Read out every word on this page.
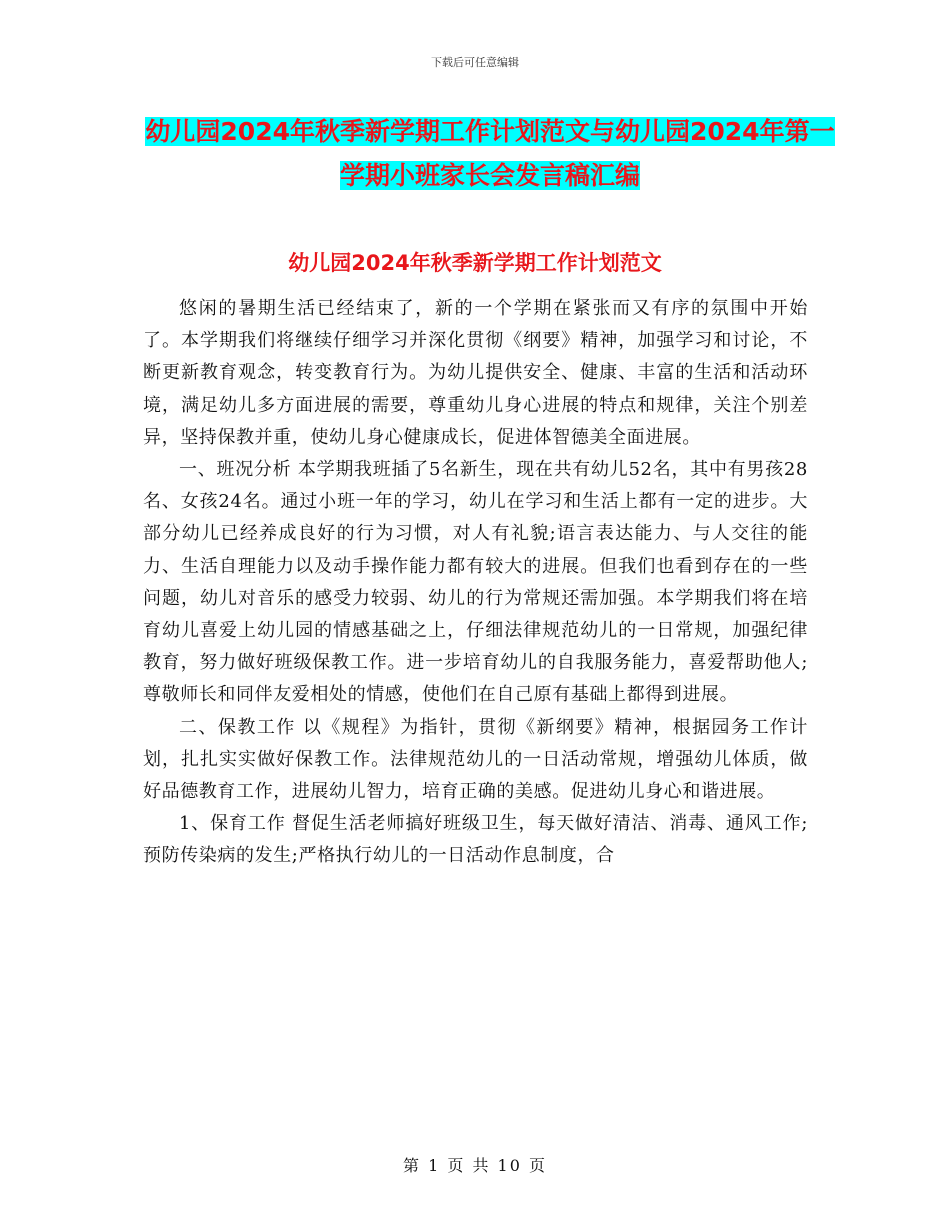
下载后可任意编辑
幼儿园2024年秋季新学期工作计划范文与幼儿园2024年第一学期小班家长会发言稿汇编
幼儿园2024年秋季新学期工作计划范文

悠闲的暑期生活已经结束了，新的一个学期在紧张而又有序的氛围中开始了。本学期我们将继续仔细学习并深化贯彻《纲要》精神，加强学习和讨论，不断更新教育观念，转变教育行为。为幼儿提供安全、健康、丰富的生活和活动环境，满足幼儿多方面进展的需要，尊重幼儿身心进展的特点和规律，关注个别差异，坚持保教并重，使幼儿身心健康成长，促进体智德美全面进展。

一、班况分析 本学期我班插了5名新生，现在共有幼儿52名，其中有男孩28名、女孩24名。通过小班一年的学习，幼儿在学习和生活上都有一定的进步。大部分幼儿已经养成良好的行为习惯，对人有礼貌;语言表达能力、与人交往的能力、生活自理能力以及动手操作能力都有较大的进展。但我们也看到存在的一些问题，幼儿对音乐的感受力较弱、幼儿的行为常规还需加强。本学期我们将在培育幼儿喜爱上幼儿园的情感基础之上，仔细法律规范幼儿的一日常规，加强纪律教育，努力做好班级保教工作。进一步培育幼儿的自我服务能力，喜爱帮助他人;尊敬师长和同伴友爱相处的情感，使他们在自己原有基础上都得到进展。

二、保教工作 以《规程》为指针，贯彻《新纲要》精神，根据园务工作计划，扎扎实实做好保教工作。法律规范幼儿的一日活动常规，增强幼儿体质，做好品德教育工作，进展幼儿智力，培育正确的美感。促进幼儿身心和谐进展。

1、保育工作 督促生活老师搞好班级卫生，每天做好清洁、消毒、通风工作;预防传染病的发生;严格执行幼儿的一日活动作息制度，合

第 1 页 共 10 页
